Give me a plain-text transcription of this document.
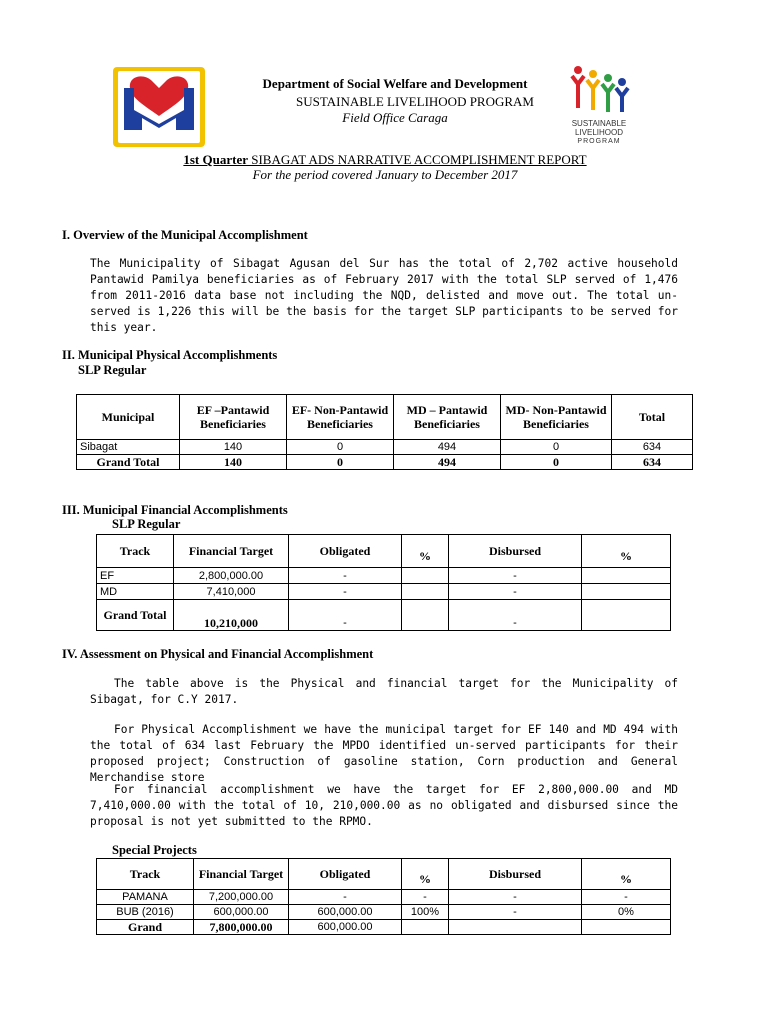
SUSTAINABLE
LIVELIHOOD
PROGRAM
Department of Social Welfare and Development
SUSTAINABLE LIVELIHOOD PROGRAM
Field Office Caraga
1st Quarter SIBAGAT ADS NARRATIVE ACCOMPLISHMENT REPORT
For the period covered January to December 2017
I. Overview of the Municipal Accomplishment
The Municipality of Sibagat Agusan del Sur has the total of 2,702 active household Pantawid Pamilya beneficiaries as of February 2017 with the total SLP served of 1,476 from 2011-2016 data base not including the NQD, delisted and move out. The total un-served is 1,226 this will be the basis for the target SLP participants to be served for this year.
II. Municipal Physical Accomplishments
SLP Regular
Municipal	EF –Pantawid Beneficiaries	EF- Non-Pantawid Beneficiaries	MD – Pantawid Beneficiaries	MD- Non-Pantawid Beneficiaries	Total
Sibagat	140	0	494	0	634
Grand Total	140	0	494	0	634
III. Municipal Financial Accomplishments
SLP Regular
Track	Financial Target	Obligated	%	Disbursed	%
EF	2,800,000.00	-		-	
MD	7,410,000	-		-	
Grand Total	10,210,000	-		-	
IV. Assessment on Physical and Financial Accomplishment
The table above is the Physical and financial target for the Municipality of Sibagat, for C.Y 2017.
For Physical Accomplishment we have the municipal target for EF 140 and MD 494 with the total of 634 last February the MPDO identified un-served participants for their proposed project; Construction of gasoline station, Corn production and General Merchandise store
For financial accomplishment we have the target for EF 2,800,000.00 and MD 7,410,000.00 with the total of 10, 210,000.00 as no obligated and disbursed since the proposal is not yet submitted to the RPMO.
Special Projects
Track	Financial Target	Obligated	%	Disbursed	%
PAMANA	7,200,000.00	-	-	-	-
BUB (2016)	600,000.00	600,000.00	100%	-	0%
Grand	7,800,000.00	600,000.00			
